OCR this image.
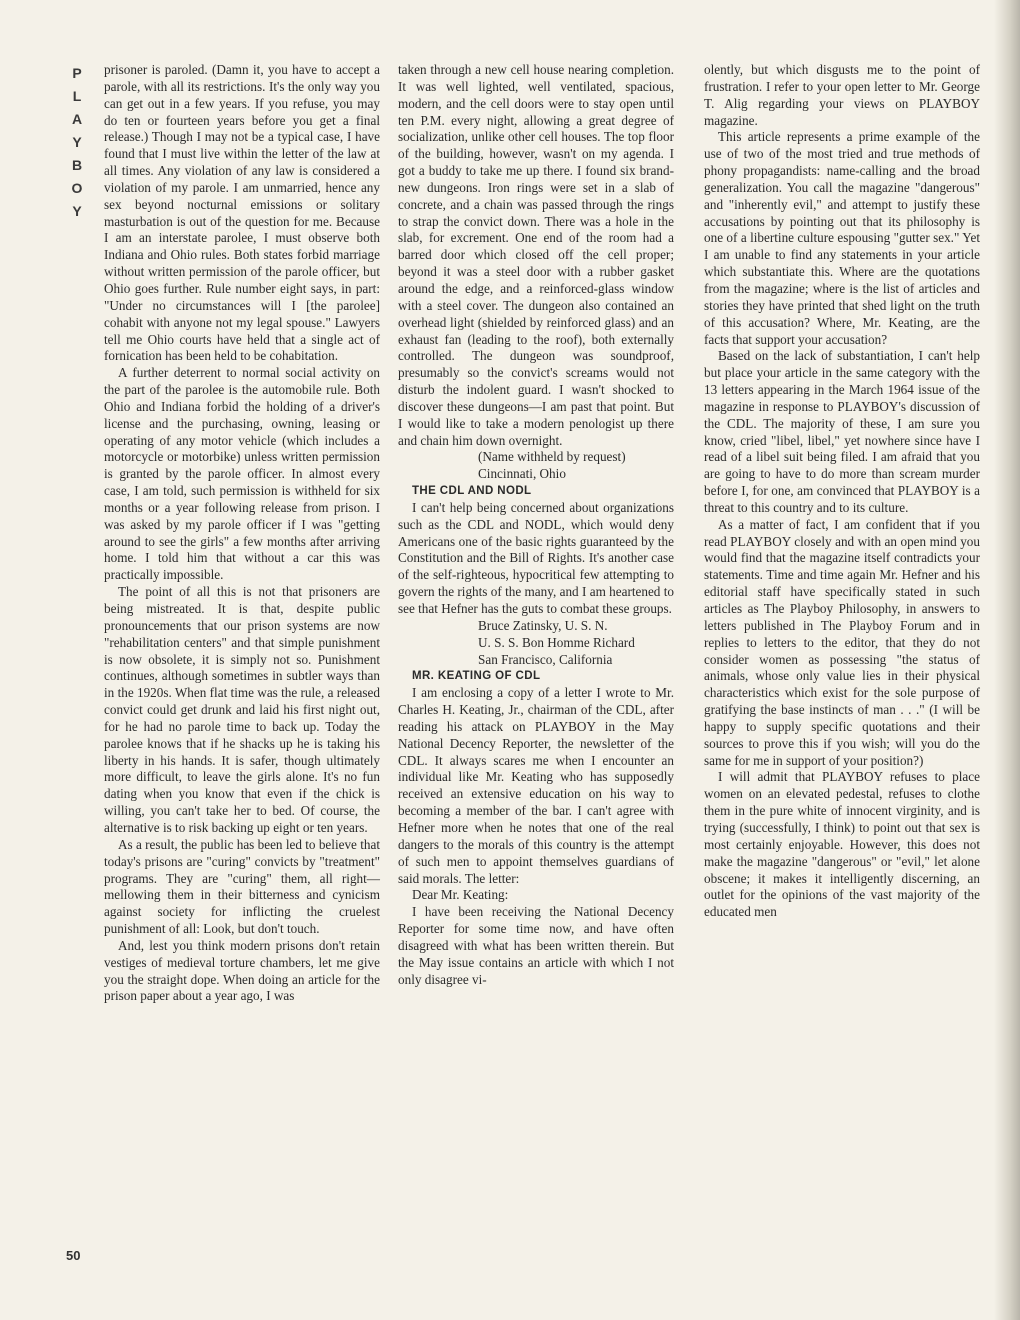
P
L
A
Y
B
O
Y

prisoner is paroled. (Damn it, you have to accept a parole, with all its restrictions. It's the only way you can get out in a few years. If you refuse, you may do ten or fourteen years before you get a final release.) Though I may not be a typical case, I have found that I must live within the letter of the law at all times. Any violation of any law is considered a violation of my parole. I am unmarried, hence any sex beyond nocturnal emissions or solitary masturbation is out of the question for me. Because I am an interstate parolee, I must observe both Indiana and Ohio rules. Both states forbid marriage without written permission of the parole officer, but Ohio goes further. Rule number eight says, in part: "Under no circumstances will I [the parolee] cohabit with anyone not my legal spouse." Lawyers tell me Ohio courts have held that a single act of fornication has been held to be cohabitation.

A further deterrent to normal social activity on the part of the parolee is the automobile rule. Both Ohio and Indiana forbid the holding of a driver's license and the purchasing, owning, leasing or operating of any motor vehicle (which includes a motorcycle or motorbike) unless written permission is granted by the parole officer. In almost every case, I am told, such permission is withheld for six months or a year following release from prison. I was asked by my parole officer if I was "getting around to see the girls" a few months after arriving home. I told him that without a car this was practically impossible.

The point of all this is not that prisoners are being mistreated. It is that, despite public pronouncements that our prison systems are now "rehabilitation centers" and that simple punishment is now obsolete, it is simply not so. Punishment continues, although sometimes in subtler ways than in the 1920s. When flat time was the rule, a released convict could get drunk and laid his first night out, for he had no parole time to back up. Today the parolee knows that if he shacks up he is taking his liberty in his hands. It is safer, though ultimately more difficult, to leave the girls alone. It's no fun dating when you know that even if the chick is willing, you can't take her to bed. Of course, the alternative is to risk backing up eight or ten years.

As a result, the public has been led to believe that today's prisons are "curing" convicts by "treatment" programs. They are "curing" them, all right—mellowing them in their bitterness and cynicism against society for inflicting the cruelest punishment of all: Look, but don't touch.

And, lest you think modern prisons don't retain vestiges of medieval torture chambers, let me give you the straight dope. When doing an article for the prison paper about a year ago, I was

taken through a new cell house nearing completion. It was well lighted, well ventilated, spacious, modern, and the cell doors were to stay open until ten P.M. every night, allowing a great degree of socialization, unlike other cell houses. The top floor of the building, however, wasn't on my agenda. I got a buddy to take me up there. I found six brand-new dungeons. Iron rings were set in a slab of concrete, and a chain was passed through the rings to strap the convict down. There was a hole in the slab, for excrement. One end of the room had a barred door which closed off the cell proper; beyond it was a steel door with a rubber gasket around the edge, and a reinforced-glass window with a steel cover. The dungeon also contained an overhead light (shielded by reinforced glass) and an exhaust fan (leading to the roof), both externally controlled. The dungeon was soundproof, presumably so the convict's screams would not disturb the indolent guard. I wasn't shocked to discover these dungeons—I am past that point. But I would like to take a modern penologist up there and chain him down overnight.

(Name withheld by request)

Cincinnati, Ohio

THE CDL AND NODL

I can't help being concerned about organizations such as the CDL and NODL, which would deny Americans one of the basic rights guaranteed by the Constitution and the Bill of Rights. It's another case of the self-righteous, hypocritical few attempting to govern the rights of the many, and I am heartened to see that Hefner has the guts to combat these groups.

Bruce Zatinsky, U. S. N.

U. S. S. Bon Homme Richard

San Francisco, California

MR. KEATING OF CDL

I am enclosing a copy of a letter I wrote to Mr. Charles H. Keating, Jr., chairman of the CDL, after reading his attack on PLAYBOY in the May National Decency Reporter, the newsletter of the CDL. It always scares me when I encounter an individual like Mr. Keating who has supposedly received an extensive education on his way to becoming a member of the bar. I can't agree with Hefner more when he notes that one of the real dangers to the morals of this country is the attempt of such men to appoint themselves guardians of said morals. The letter:

Dear Mr. Keating:

I have been receiving the National Decency Reporter for some time now, and have often disagreed with what has been written therein. But the May issue contains an article with which I not only disagree vi-

olently, but which disgusts me to the point of frustration. I refer to your open letter to Mr. George T. Alig regarding your views on PLAYBOY magazine.

This article represents a prime example of the use of two of the most tried and true methods of phony propagandists: name-calling and the broad generalization. You call the magazine "dangerous" and "inherently evil," and attempt to justify these accusations by pointing out that its philosophy is one of a libertine culture espousing "gutter sex." Yet I am unable to find any statements in your article which substantiate this. Where are the quotations from the magazine; where is the list of articles and stories they have printed that shed light on the truth of this accusation? Where, Mr. Keating, are the facts that support your accusation?

Based on the lack of substantiation, I can't help but place your article in the same category with the 13 letters appearing in the March 1964 issue of the magazine in response to PLAYBOY's discussion of the CDL. The majority of these, I am sure you know, cried "libel, libel," yet nowhere since have I read of a libel suit being filed. I am afraid that you are going to have to do more than scream murder before I, for one, am convinced that PLAYBOY is a threat to this country and to its culture.

As a matter of fact, I am confident that if you read PLAYBOY closely and with an open mind you would find that the magazine itself contradicts your statements. Time and time again Mr. Hefner and his editorial staff have specifically stated in such articles as The Playboy Philosophy, in answers to letters published in The Playboy Forum and in replies to letters to the editor, that they do not consider women as possessing "the status of animals, whose only value lies in their physical characteristics which exist for the sole purpose of gratifying the base instincts of man . . ." (I will be happy to supply specific quotations and their sources to prove this if you wish; will you do the same for me in support of your position?)

I will admit that PLAYBOY refuses to place women on an elevated pedestal, refuses to clothe them in the pure white of innocent virginity, and is trying (successfully, I think) to point out that sex is most certainly enjoyable. However, this does not make the magazine "dangerous" or "evil," let alone obscene; it makes it intelligently discerning, an outlet for the opinions of the vast majority of the educated men

50
